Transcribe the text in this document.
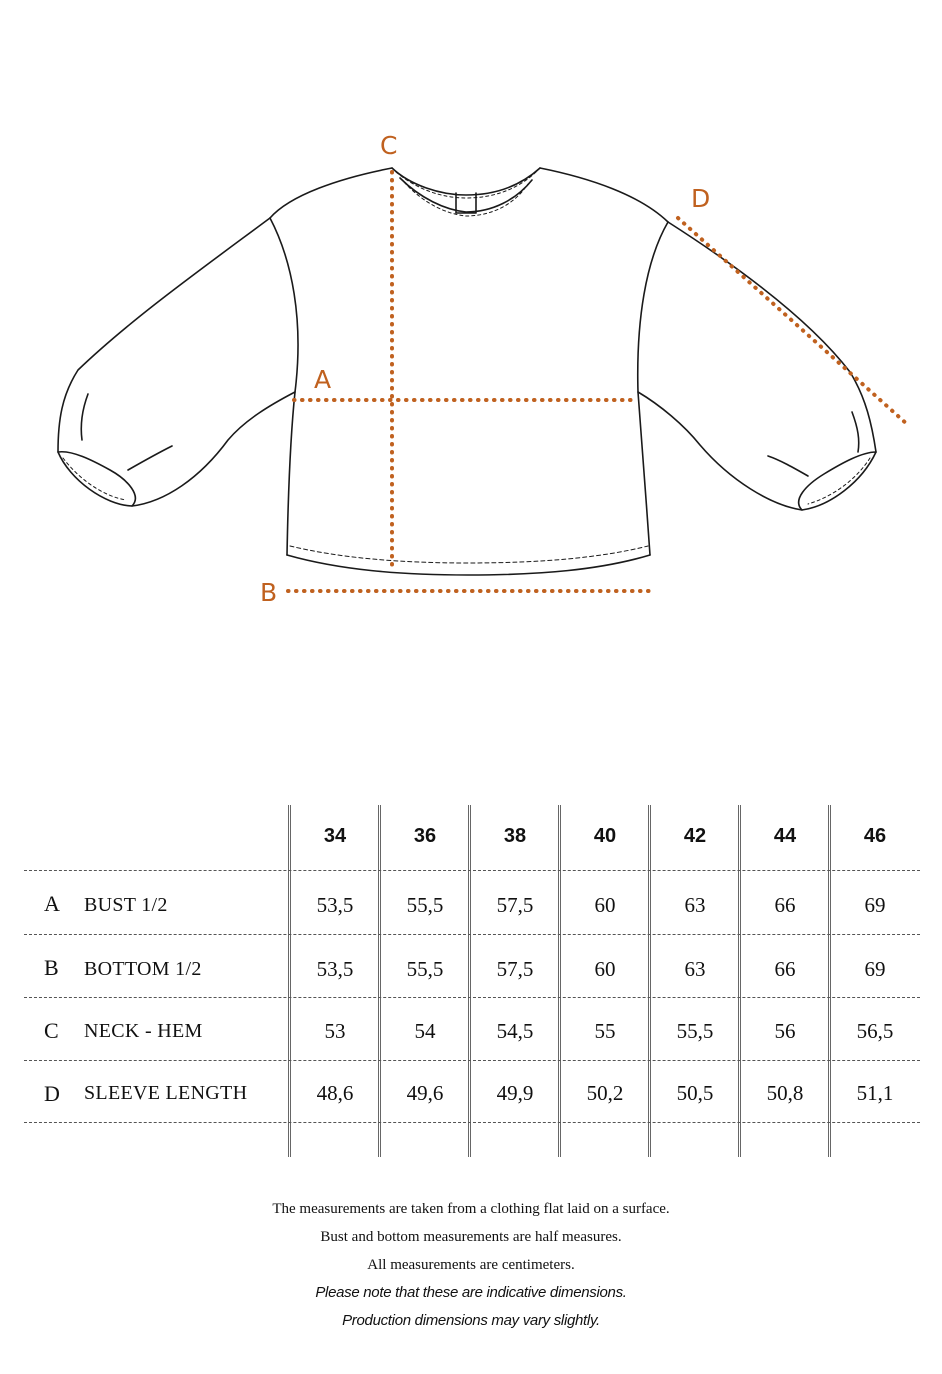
A
B
C
D
34	36	38	40	42	44	46
A BUST 1/2	53,5	55,5	57,5	60	63	66	69
B BOTTOM 1/2	53,5	55,5	57,5	60	63	66	69
C NECK - HEM	53	54	54,5	55	55,5	56	56,5
D SLEEVE LENGTH	48,6	49,6	49,9	50,2	50,5	50,8	51,1
The measurements are taken from a clothing flat laid on a surface.
Bust and bottom measurements are half measures.
All measurements are centimeters.
Please note that these are indicative dimensions.
Production dimensions may vary slightly.
